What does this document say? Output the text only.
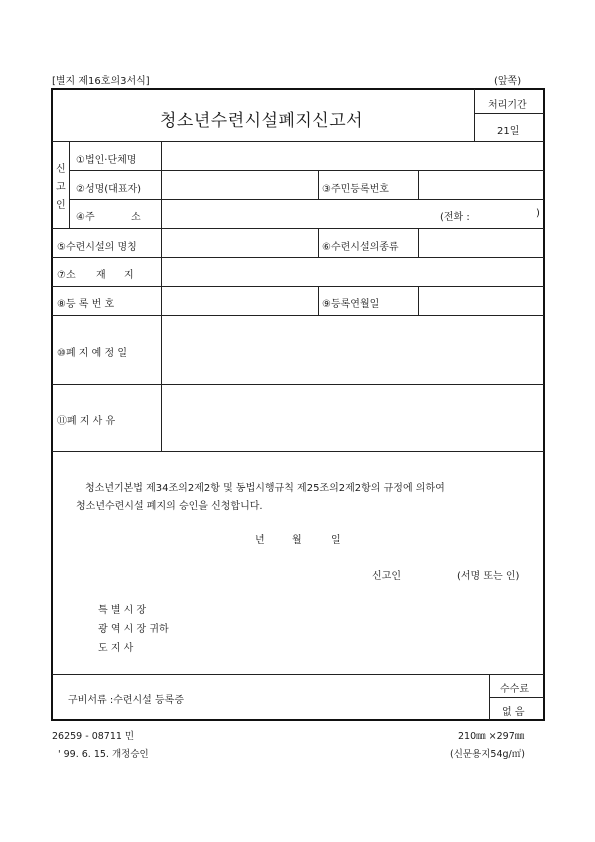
[별지 제16호의3서식]	(앞쪽)
청소년수련시설폐지신고서
처리기간
21일
신
고
인
①법인·단체명
②성명(대표자)	③주민등록번호
④주	소	(전화 :	)
⑤수련시설의 명칭	⑥수련시설의종류
⑦소 재 지
⑧등 록 번 호	⑨등록연월일
⑩폐 지 예 정 일
⑪폐 지 사 유
청소년기본법 제34조의2제2항 및 동법시행규칙 제25조의2제2항의 규정에 의하여
청소년수련시설 폐지의 승인을 신청합니다.
년	월	일
신고인	(서명 또는 인)
특 별 시 장
광 역 시 장 귀하
도 지 사
구비서류 :수련시설 등록증
수수료
없 음
26259 - 08711 민	210㎜ ×297㎜
' 99. 6. 15. 개정승인	(신문용지54g/㎡)
